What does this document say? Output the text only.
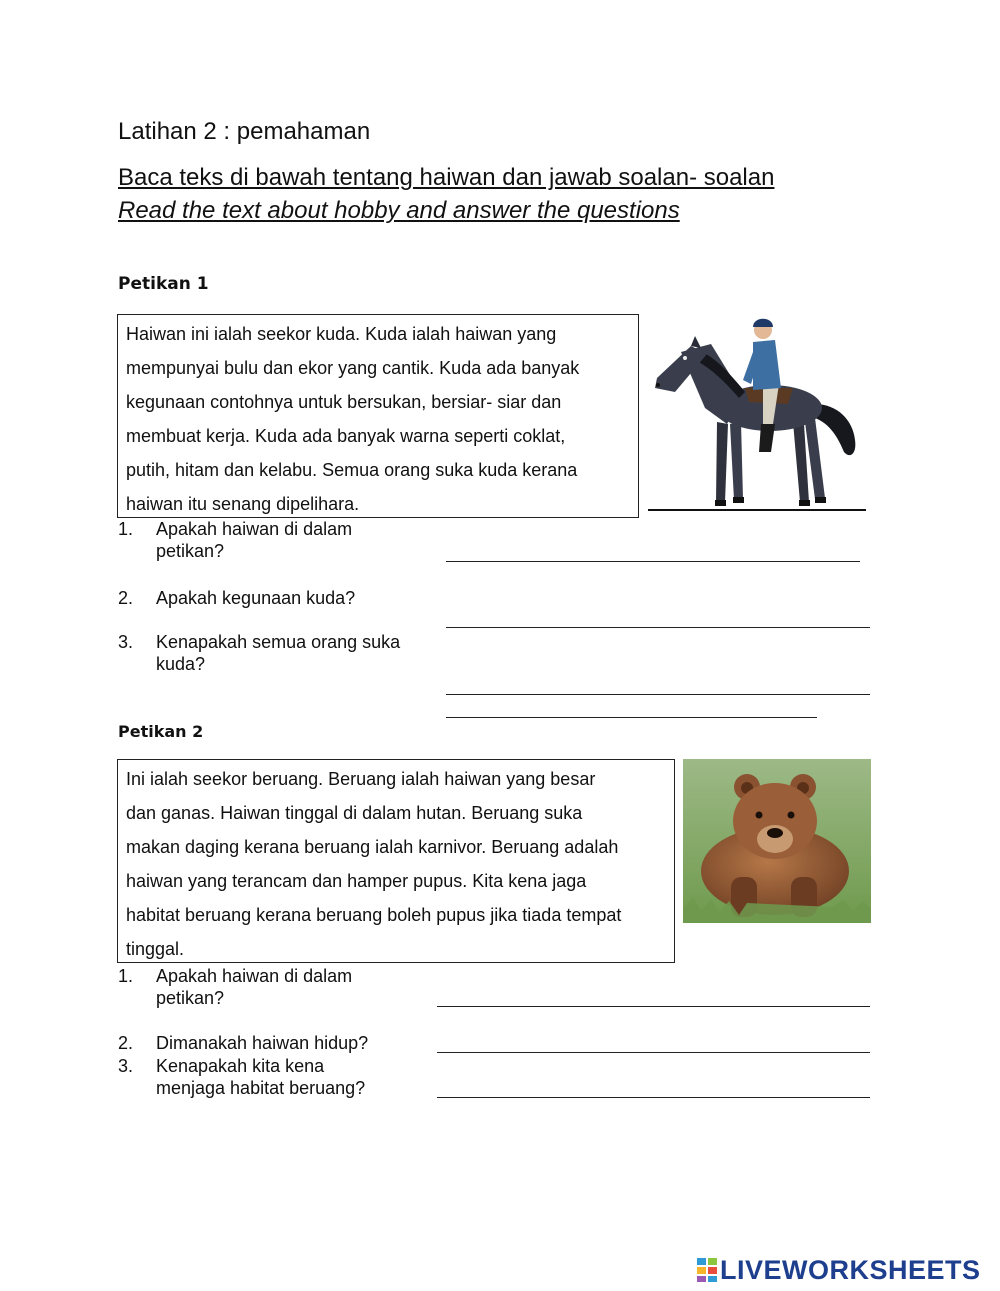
Latihan 2 : pemahaman
Baca teks di bawah tentang haiwan dan jawab soalan- soalan
Read the text about hobby and answer the questions
Petikan 1

Haiwan ini ialah seekor kuda. Kuda ialah haiwan yang

mempunyai bulu dan ekor yang cantik. Kuda ada banyak

kegunaan contohnya untuk bersukan, bersiar- siar dan

membuat kerja. Kuda ada banyak warna seperti coklat,

putih, hitam dan kelabu. Semua orang suka kuda kerana

haiwan itu senang dipelihara.

1. Apakah haiwan di dalam
petikan?
2. Apakah kegunaan kuda?
3. Kenapakah semua orang suka
kuda?
Petikan 2

Ini ialah seekor beruang. Beruang ialah haiwan yang besar

dan ganas. Haiwan tinggal di dalam hutan. Beruang suka

makan daging kerana beruang ialah karnivor. Beruang adalah

haiwan yang terancam dan hamper pupus. Kita kena jaga

habitat beruang kerana beruang boleh pupus jika tiada tempat

tinggal.

1. Apakah haiwan di dalam
petikan?
2. Dimanakah haiwan hidup?
3. Kenapakah kita kena
menjaga habitat beruang?
LIVEWORKSHEETS
